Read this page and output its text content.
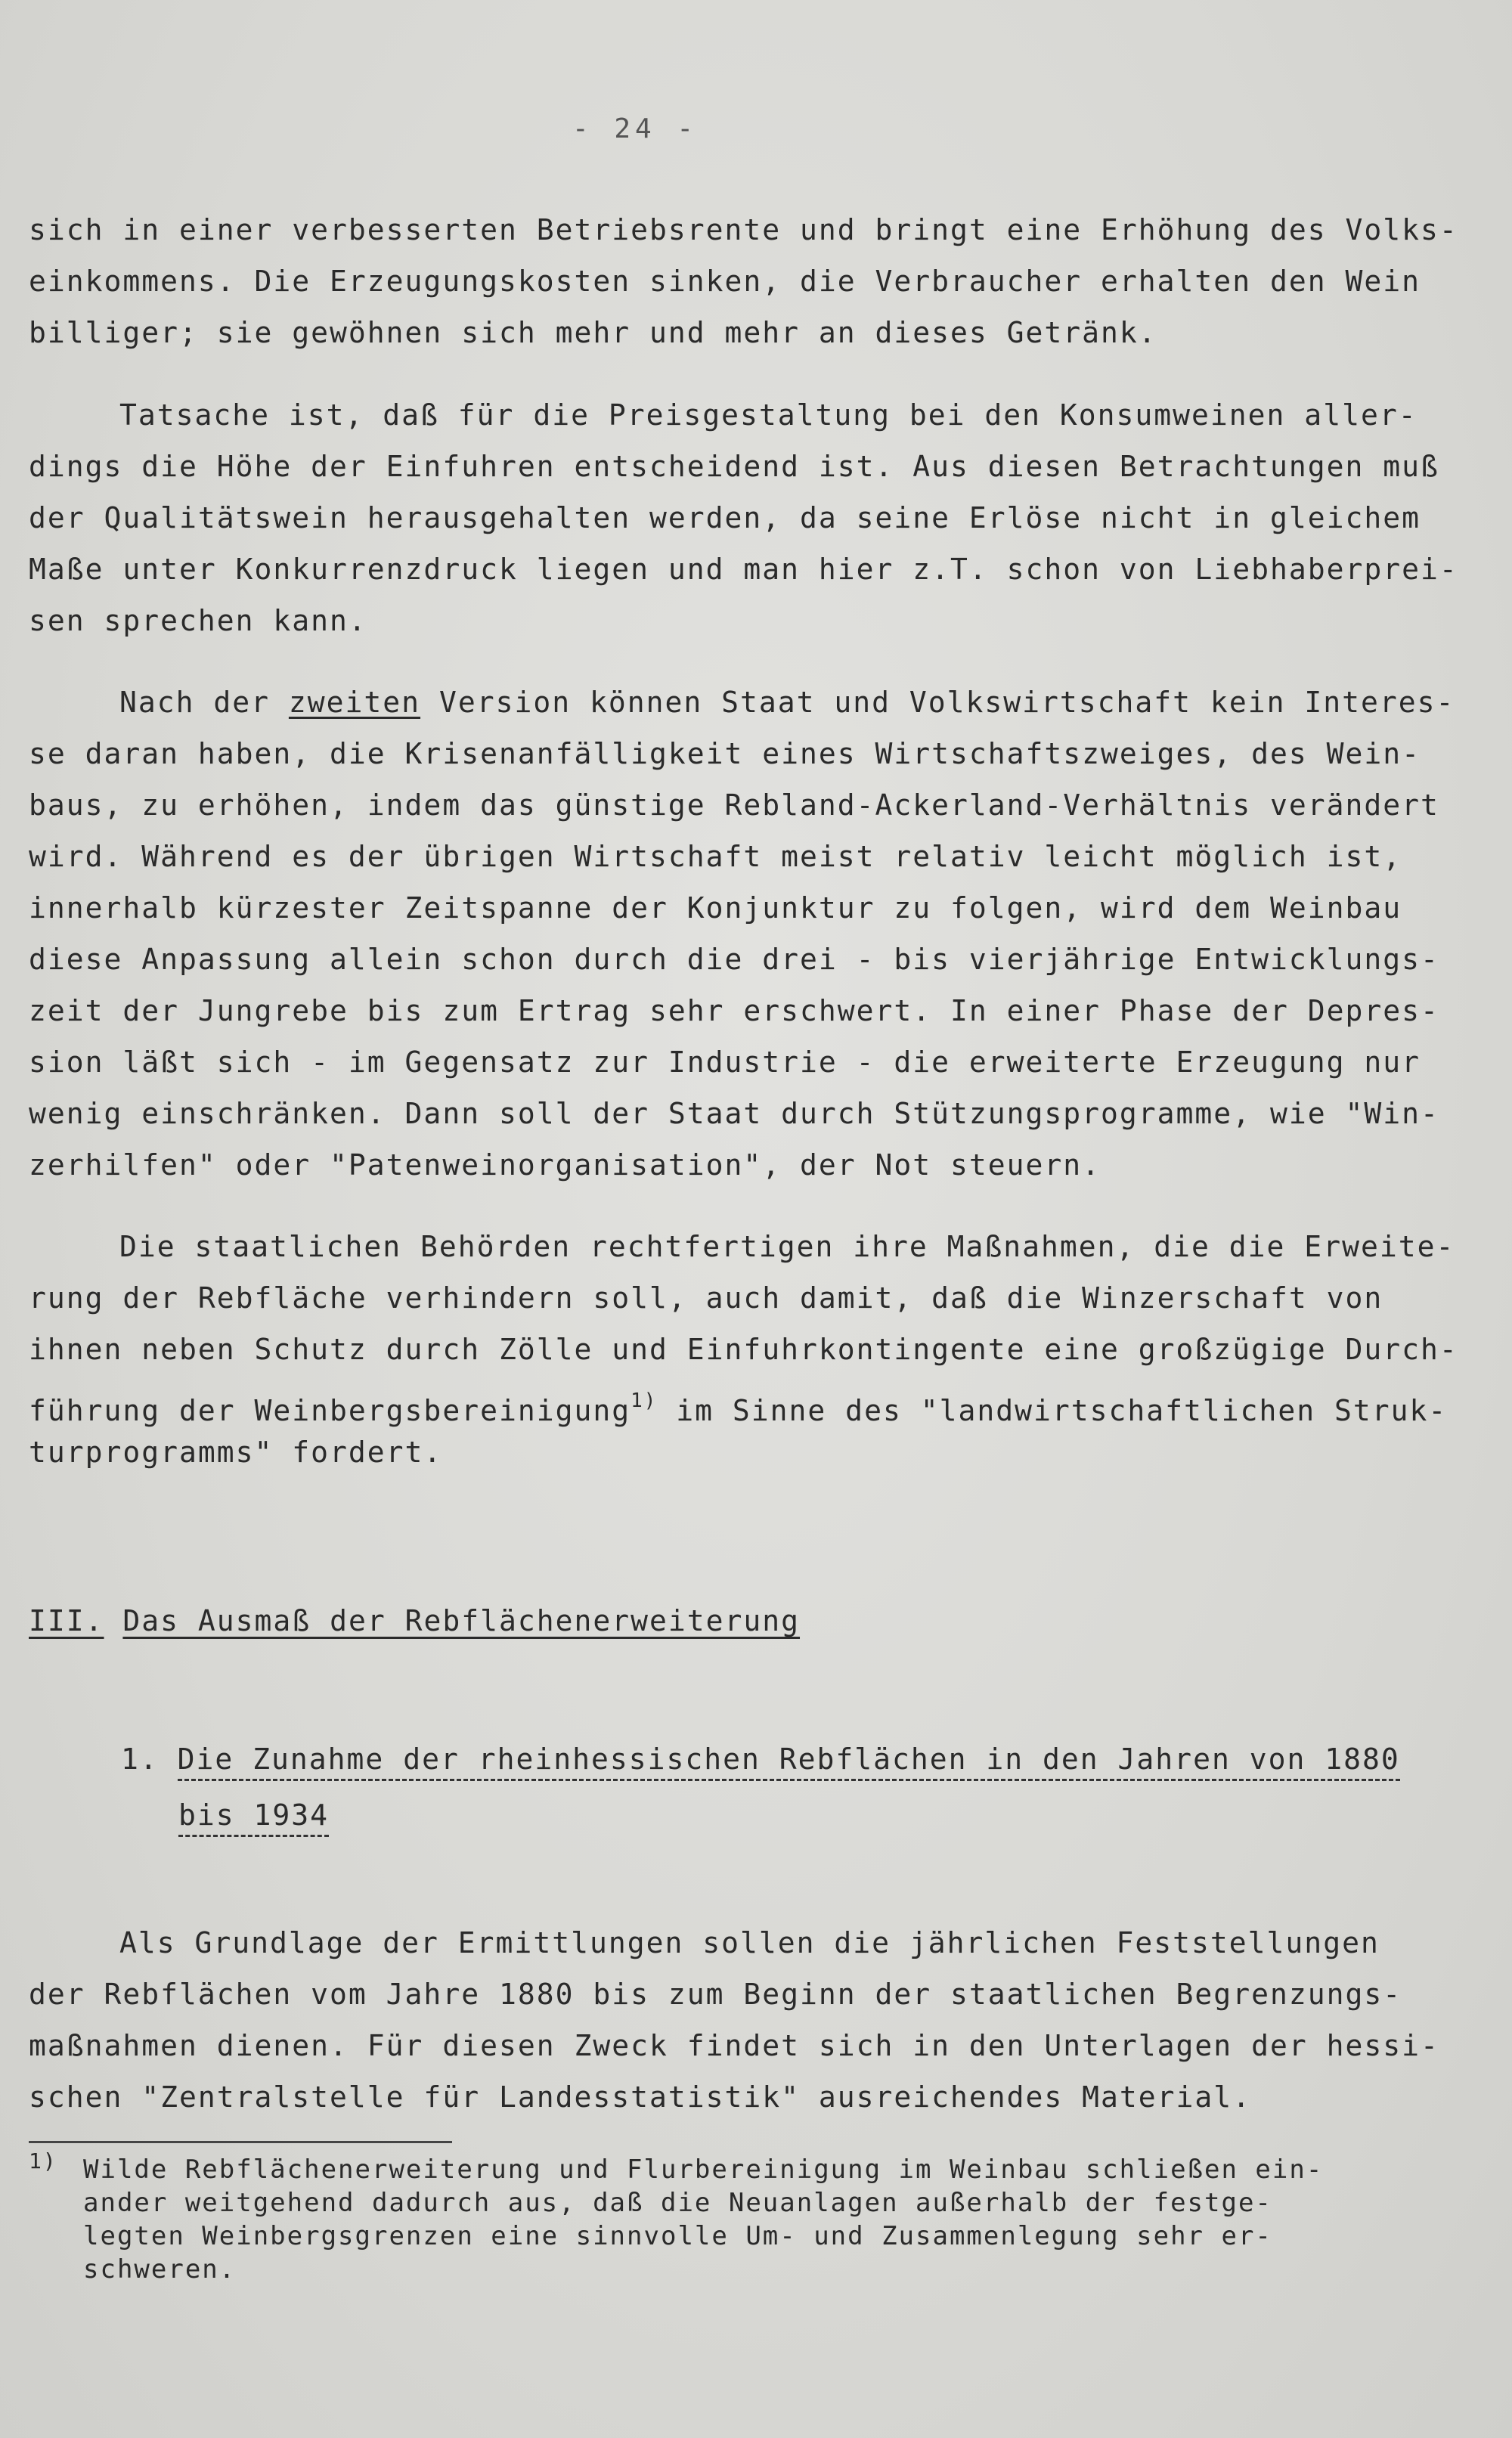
- 24 -
sich in einer verbesserten Betriebsrente und bringt eine Erhöhung des Volks-
einkommens. Die Erzeugungskosten sinken, die Verbraucher erhalten den Wein
billiger; sie gewöhnen sich mehr und mehr an dieses Getränk.
Tatsache ist, daß für die Preisgestaltung bei den Konsumweinen aller-
dings die Höhe der Einfuhren entscheidend ist. Aus diesen Betrachtungen muß
der Qualitätswein herausgehalten werden, da seine Erlöse nicht in gleichem
Maße unter Konkurrenzdruck liegen und man hier z.T. schon von Liebhaberprei-
sen sprechen kann.
Nach der zweiten Version können Staat und Volkswirtschaft kein Interes-
se daran haben, die Krisenanfälligkeit eines Wirtschaftszweiges, des Wein-
baus, zu erhöhen, indem das günstige Rebland-Ackerland-Verhältnis verändert
wird. Während es der übrigen Wirtschaft meist relativ leicht möglich ist,
innerhalb kürzester Zeitspanne der Konjunktur zu folgen, wird dem Weinbau
diese Anpassung allein schon durch die drei - bis vierjährige Entwicklungs-
zeit der Jungrebe bis zum Ertrag sehr erschwert. In einer Phase der Depres-
sion läßt sich - im Gegensatz zur Industrie - die erweiterte Erzeugung nur
wenig einschränken. Dann soll der Staat durch Stützungsprogramme, wie "Win-
zerhilfen" oder "Patenweinorganisation", der Not steuern.
Die staatlichen Behörden rechtfertigen ihre Maßnahmen, die die Erweite-
rung der Rebfläche verhindern soll, auch damit, daß die Winzerschaft von
ihnen neben Schutz durch Zölle und Einfuhrkontingente eine großzügige Durch-
führung der Weinbergsbereinigung$^{1)}$ im Sinne des "landwirtschaftlichen Struk-
turprogramms" fordert.
III. Das Ausmaß der Rebflächenerweiterung
1. Die Zunahme der rheinhessischen Rebflächen in den Jahren von 1880
bis 1934
Als Grundlage der Ermittlungen sollen die jährlichen Feststellungen
der Rebflächen vom Jahre 1880 bis zum Beginn der staatlichen Begrenzungs-
maßnahmen dienen. Für diesen Zweck findet sich in den Unterlagen der hessi-
schen "Zentralstelle für Landesstatistik" ausreichendes Material.
1)	Wilde Rebflächenerweiterung und Flurbereinigung im Weinbau schließen ein-
ander weitgehend dadurch aus, daß die Neuanlagen außerhalb der festge-
legten Weinbergsgrenzen eine sinnvolle Um- und Zusammenlegung sehr er-
schweren.
